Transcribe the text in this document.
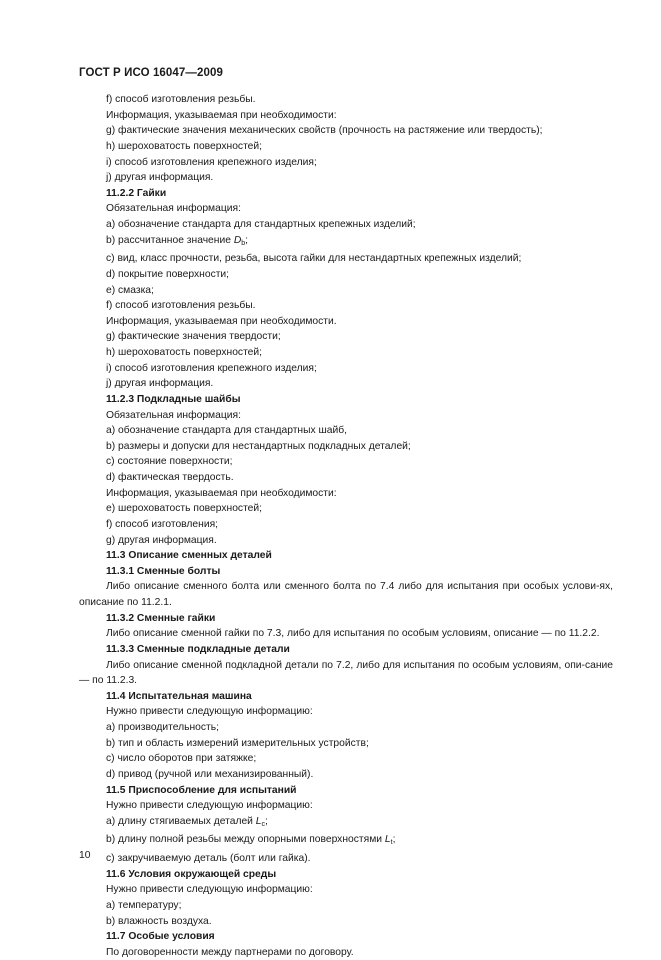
ГОСТ Р ИСО 16047—2009
f) способ изготовления резьбы.
Информация, указываемая при необходимости:
g) фактические значения механических свойств (прочность на растяжение или твердость);
h) шероховатость поверхностей;
i) способ изготовления крепежного изделия;
j) другая информация.
11.2.2 Гайки
Обязательная информация:
a) обозначение стандарта для стандартных крепежных изделий;
b) рассчитанное значение $D_b$;
c) вид, класс прочности, резьба, высота гайки для нестандартных крепежных изделий;
d) покрытие поверхности;
e) смазка;
f) способ изготовления резьбы.
Информация, указываемая при необходимости.
g) фактические значения твердости;
h) шероховатость поверхностей;
i) способ изготовления крепежного изделия;
j) другая информация.
11.2.3 Подкладные шайбы
Обязательная информация:
a) обозначение стандарта для стандартных шайб,
b) размеры и допуски для нестандартных подкладных деталей;
c) состояние поверхности;
d) фактическая твердость.
Информация, указываемая при необходимости:
e) шероховатость поверхностей;
f) способ изготовления;
g) другая информация.
11.3 Описание сменных деталей
11.3.1 Сменные болты
Либо описание сменного болта или сменного болта по 7.4 либо для испытания при особых услови-ях, описание по 11.2.1.
11.3.2 Сменные гайки
Либо описание сменной гайки по 7.3, либо для испытания по особым условиям, описание — по 11.2.2.
11.3.3 Сменные подкладные детали
Либо описание сменной подкладной детали по 7.2, либо для испытания по особым условиям, опи-сание — по 11.2.3.
11.4 Испытательная машина
Нужно привести следующую информацию:
a) производительность;
b) тип и область измерений измерительных устройств;
c) число оборотов при затяжке;
d) привод (ручной или механизированный).
11.5 Приспособление для испытаний
Нужно привести следующую информацию:
a) длину стягиваемых деталей $L_c$;
b) длину полной резьбы между опорными поверхностями $L_t$;
c) закручиваемую деталь (болт или гайка).
11.6 Условия окружающей среды
Нужно привести следующую информацию:
a) температуру;
b) влажность воздуха.
11.7 Особые условия
По договоренности между партнерами по договору.
10
